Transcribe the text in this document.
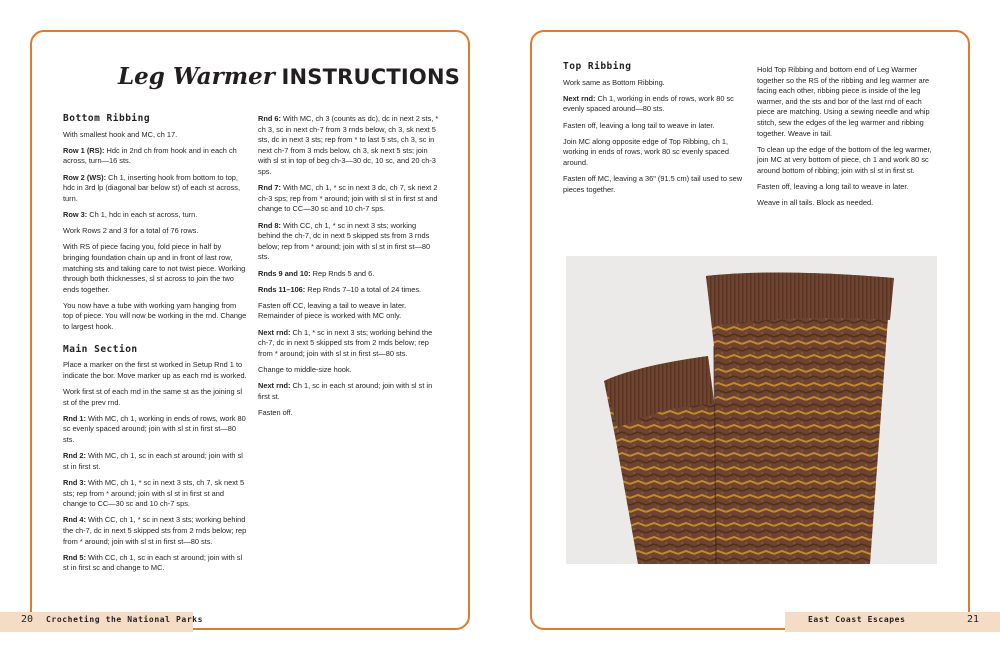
20 Crocheting the National Parks	East Coast Escapes	21
Leg Warmer INSTRUCTIONS
Bottom Ribbing

With smallest hook and MC, ch 17.

Row 1 (RS): Hdc in 2nd ch from hook and in each ch across, turn—16 sts.

Row 2 (WS): Ch 1, inserting hook from bottom to top, hdc in 3rd lp (diagonal bar below st) of each st across, turn.

Row 3: Ch 1, hdc in each st across, turn.

Work Rows 2 and 3 for a total of 76 rows.

With RS of piece facing you, fold piece in half by bringing foundation chain up and in front of last row, matching sts and taking care to not twist piece. Working through both thicknesses, sl st across to join the two ends together.

You now have a tube with working yarn hanging from top of piece. You will now be working in the rnd. Change to largest hook.

Main Section

Place a marker on the first st worked in Setup Rnd 1 to indicate the bor. Move marker up as each rnd is worked.

Work first st of each rnd in the same st as the joining sl st of the prev rnd.

Rnd 1: With MC, ch 1, working in ends of rows, work 80 sc evenly spaced around; join with sl st in first st—80 sts.

Rnd 2: With MC, ch 1, sc in each st around; join with sl st in first st.

Rnd 3: With MC, ch 1, * sc in next 3 sts, ch 7, sk next 5 sts; rep from * around; join with sl st in first st and change to CC—30 sc and 10 ch-7 sps.

Rnd 4: With CC, ch 1, * sc in next 3 sts; working behind the ch-7, dc in next 5 skipped sts from 2 rnds below; rep from * around; join with sl st in first st—80 sts.

Rnd 5: With CC, ch 1, sc in each st around; join with sl st in first sc and change to MC.

Rnd 6: With MC, ch 3 (counts as dc), dc in next 2 sts, * ch 3, sc in next ch-7 from 3 rnds below, ch 3, sk next 5 sts, dc in next 3 sts; rep from * to last 5 sts, ch 3, sc in next ch-7 from 3 rnds below, ch 3, sk next 5 sts; join with sl st in top of beg ch-3—30 dc, 10 sc, and 20 ch-3 sps.

Rnd 7: With MC, ch 1, * sc in next 3 dc, ch 7, sk next 2 ch-3 sps; rep from * around; join with sl st in first st and change to CC—30 sc and 10 ch-7 sps.

Rnd 8: With CC, ch 1, * sc in next 3 sts; working behind the ch-7, dc in next 5 skipped sts from 3 rnds below; rep from * around; join with sl st in first st—80 sts.

Rnds 9 and 10: Rep Rnds 5 and 6.

Rnds 11–106: Rep Rnds 7–10 a total of 24 times.

Fasten off CC, leaving a tail to weave in later. Remainder of piece is worked with MC only.

Next rnd: Ch 1, * sc in next 3 sts; working behind the ch-7, dc in next 5 skipped sts from 2 rnds below; rep from * around; join with sl st in first st—80 sts.

Change to middle-size hook.

Next rnd: Ch 1, sc in each st around; join with sl st in first st.

Fasten off.

Top Ribbing

Work same as Bottom Ribbing.

Next rnd: Ch 1, working in ends of rows, work 80 sc evenly spaced around—80 sts.

Fasten off, leaving a long tail to weave in later.

Join MC along opposite edge of Top Ribbing, ch 1, working in ends of rows, work 80 sc evenly spaced around.

Fasten off MC, leaving a 36" (91.5 cm) tail used to sew pieces together.

Hold Top Ribbing and bottom end of Leg Warmer together so the RS of the ribbing and leg warmer are facing each other, ribbing piece is inside of the leg warmer, and the sts and bor of the last rnd of each piece are matching. Using a sewing needle and whip stitch, sew the edges of the leg warmer and ribbing together. Weave in tail.

To clean up the edge of the bottom of the leg warmer, join MC at very bottom of piece, ch 1 and work 80 sc around bottom of ribbing; join with sl st in first st.

Fasten off, leaving a long tail to weave in later.

Weave in all tails. Block as needed.
